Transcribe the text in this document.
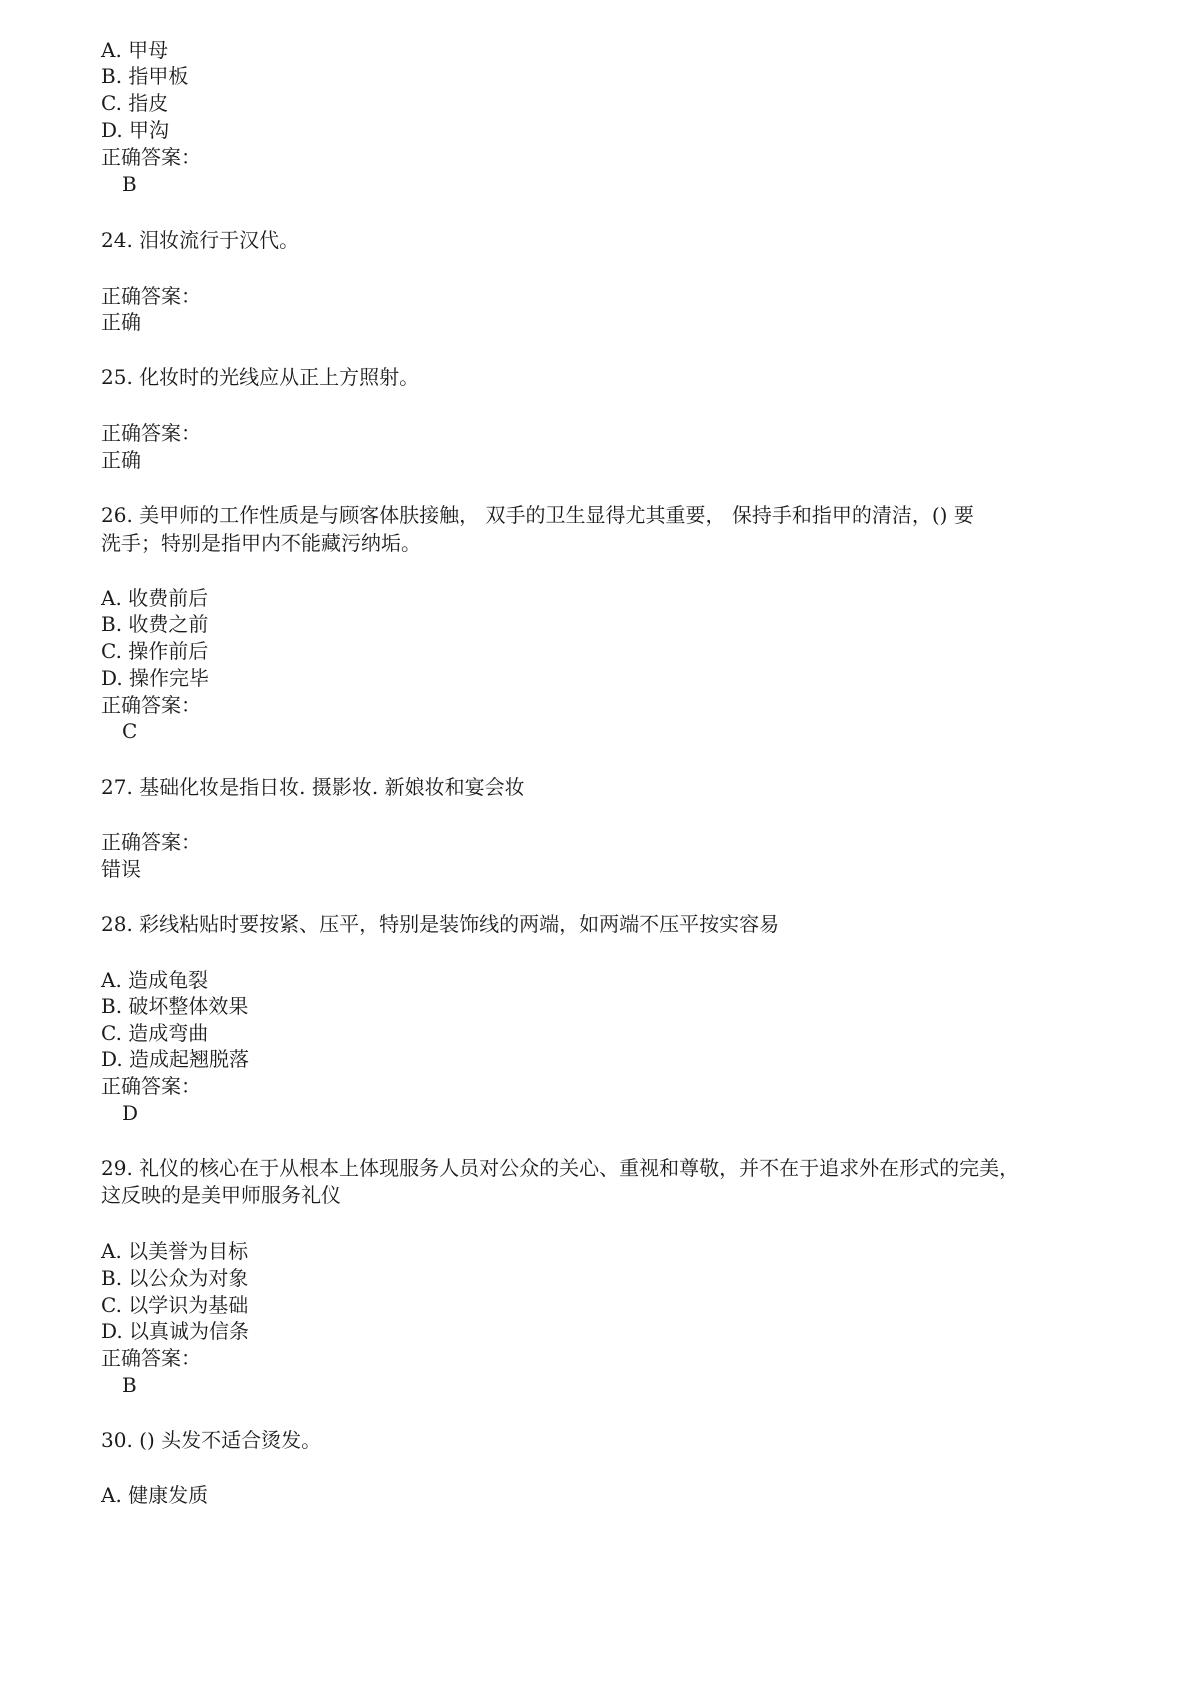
A. 甲母
B. 指甲板
C. 指皮
D. 甲沟
正确答案：
B
24. 泪妆流行于汉代。
正确答案：
正确
25. 化妆时的光线应从正上方照射。
正确答案：
正确
26. 美甲师的工作性质是与顾客体肤接触， 双手的卫生显得尤其重要， 保持手和指甲的清洁，() 要
洗手；特别是指甲内不能藏污纳垢。
A. 收费前后
B. 收费之前
C. 操作前后
D. 操作完毕
正确答案：
C
27. 基础化妆是指日妆. 摄影妆. 新娘妆和宴会妆
正确答案：
错误
28. 彩线粘贴时要按紧、压平，特别是装饰线的两端，如两端不压平按实容易
A. 造成龟裂
B. 破坏整体效果
C. 造成弯曲
D. 造成起翘脱落
正确答案：
D
29. 礼仪的核心在于从根本上体现服务人员对公众的关心、重视和尊敬，并不在于追求外在形式的完美，
这反映的是美甲师服务礼仪
A. 以美誉为目标
B. 以公众为对象
C. 以学识为基础
D. 以真诚为信条
正确答案：
B
30. () 头发不适合烫发。
A. 健康发质
